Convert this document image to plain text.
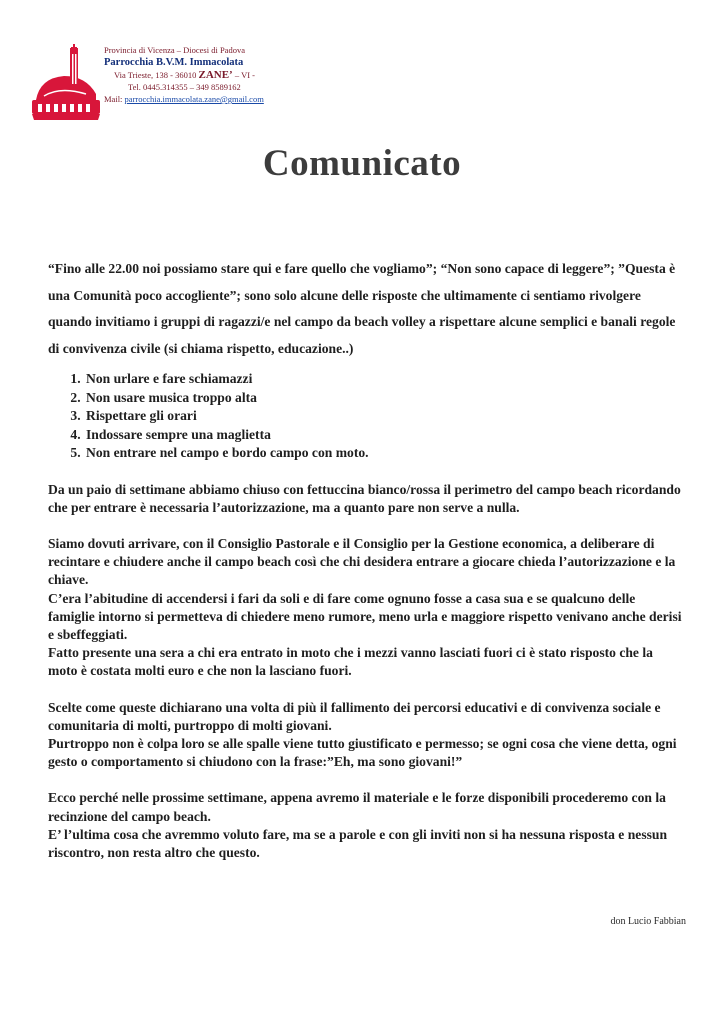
Provincia di Vicenza – Diocesi di Padova
Parrocchia B.V.M. Immacolata
Via Trieste, 138 - 36010 ZANE’ – VI -
Tel. 0445.314355 – 349 8589162
Mail: parrocchia.immacolata.zane@gmail.com
Comunicato

“Fino alle 22.00 noi possiamo stare qui e fare quello che vogliamo”; “Non sono capace di leggere”; ”Questa è una Comunità poco accogliente”; sono solo alcune delle risposte che ultimamente ci sentiamo rivolgere quando invitiamo i gruppi di ragazzi/e nel campo da beach volley a rispettare alcune semplici e banali regole di convivenza civile (si chiama rispetto, educazione..)

1. Non urlare e fare schiamazzi
2. Non usare musica troppo alta
3. Rispettare gli orari
4. Indossare sempre una maglietta
5. Non entrare nel campo e bordo campo con moto.

Da un paio di settimane abbiamo chiuso con fettuccina bianco/rossa il perimetro del campo beach ricordando che per entrare è necessaria l’autorizzazione, ma a quanto pare non serve a nulla.

Siamo dovuti arrivare, con il Consiglio Pastorale e il Consiglio per la Gestione economica, a deliberare di recintare e chiudere anche il campo beach così che chi desidera entrare a giocare chieda l’autorizzazione e la chiave.

C’era l’abitudine di accendersi i fari da soli e di fare come ognuno fosse a casa sua e se qualcuno delle famiglie intorno si permetteva di chiedere meno rumore, meno urla e maggiore rispetto venivano anche derisi e sbeffeggiati.

Fatto presente una sera a chi era entrato in moto che i mezzi vanno lasciati fuori ci è stato risposto che la moto è costata molti euro e che non la lasciano fuori.

Scelte come queste dichiarano una volta di più il fallimento dei percorsi educativi e di convivenza sociale e comunitaria di molti, purtroppo di molti giovani.

Purtroppo non è colpa loro se alle spalle viene tutto giustificato e permesso; se ogni cosa che viene detta, ogni gesto o comportamento si chiudono con la frase:”Eh, ma sono giovani!”

Ecco perché nelle prossime settimane, appena avremo il materiale e le forze disponibili procederemo con la recinzione del campo beach.

E’ l’ultima cosa che avremmo voluto fare, ma se a parole e con gli inviti non si ha nessuna risposta e nessun riscontro, non resta altro che questo.

don Lucio Fabbian
